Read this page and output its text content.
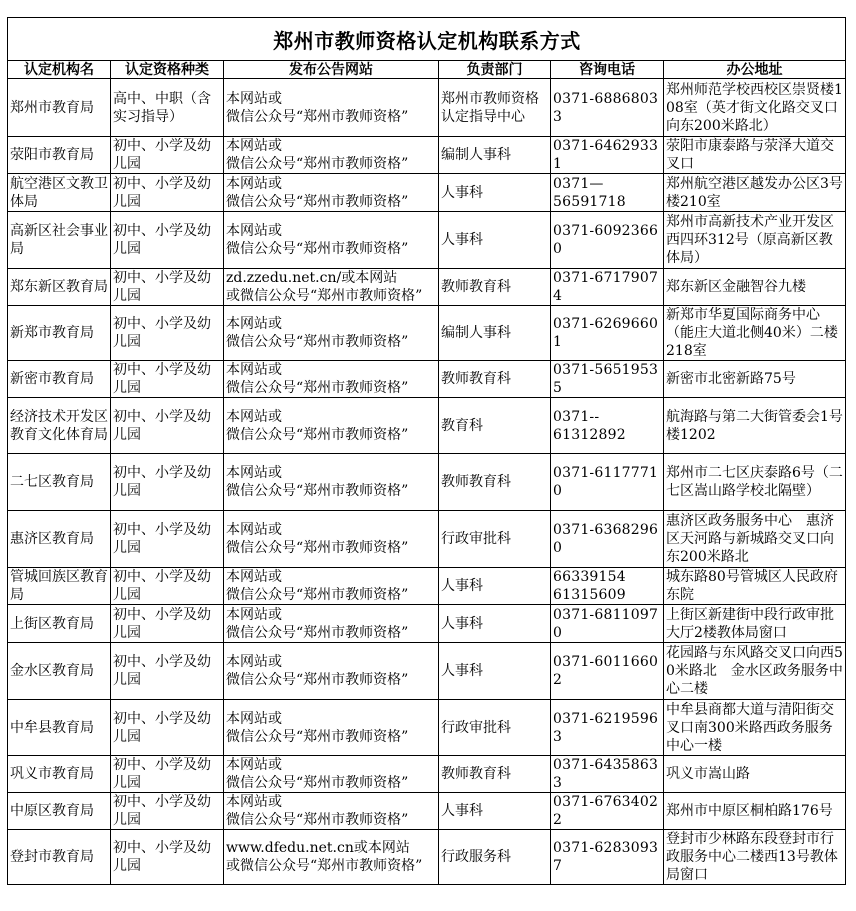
郑州市教师资格认定机构联系方式					
认定机构名	认定资格种类	发布公告网站	负责部门	咨询电话	办公地址

郑州市教育局	高中、中职（含实习指导）	本网站或
微信公众号“郑州市教师资格”	郑州市教师资格认定指导中心	0371-68868033	郑州师范学校西校区崇贤楼108室（英才街文化路交叉口向东200米路北）

荥阳市教育局	初中、小学及幼儿园	本网站或
微信公众号“郑州市教师资格”	编制人事科	0371-64629331	荥阳市康泰路与荥泽大道交叉口

航空港区文教卫体局	初中、小学及幼儿园	本网站或
微信公众号“郑州市教师资格”	人事科	0371—
56591718	郑州航空港区越发办公区3号楼210室

高新区社会事业局	初中、小学及幼儿园	本网站或
微信公众号“郑州市教师资格”	人事科	0371-60923660	郑州市高新技术产业开发区西四环312号（原高新区教体局）

郑东新区教育局	初中、小学及幼儿园	zd.zzedu.net.cn/或本网站
或微信公众号“郑州市教师资格”	教师教育科	0371-67179074	郑东新区金融智谷九楼

新郑市教育局	初中、小学及幼儿园	本网站或
微信公众号“郑州市教师资格”	编制人事科	0371-62696601	新郑市华夏国际商务中心（能庄大道北侧40米）二楼218室

新密市教育局	初中、小学及幼儿园	本网站或
微信公众号“郑州市教师资格”	教师教育科	0371-56519535	新密市北密新路75号

经济技术开发区教育文化体育局	初中、小学及幼儿园	本网站或
微信公众号“郑州市教师资格”	教育科	0371--
61312892	航海路与第二大街管委会1号楼1202

二七区教育局	初中、小学及幼儿园	本网站或
微信公众号“郑州市教师资格”	教师教育科	0371-61177710	郑州市二七区庆泰路6号（二七区嵩山路学校北隔壁）

惠济区教育局	初中、小学及幼儿园	本网站或
微信公众号“郑州市教师资格”	行政审批科	0371-63682960	惠济区政务服务中心　惠济区天河路与新城路交叉口向东200米路北

管城回族区教育局	初中、小学及幼儿园	本网站或
微信公众号“郑州市教师资格”	人事科	66339154
61315609	城东路80号管城区人民政府东院

上街区教育局	初中、小学及幼儿园	本网站或
微信公众号“郑州市教师资格”	人事科	0371-68110970	上街区新建街中段行政审批大厅2楼教体局窗口

金水区教育局	初中、小学及幼儿园	本网站或
微信公众号“郑州市教师资格”	人事科	0371-60116602	花园路与东风路交叉口向西50米路北　金水区政务服务中心二楼

中牟县教育局	初中、小学及幼儿园	本网站或
微信公众号“郑州市教师资格”	行政审批科	0371-62195963	中牟县商都大道与清阳街交叉口南300米路西政务服务中心一楼

巩义市教育局	初中、小学及幼儿园	本网站或
微信公众号“郑州市教师资格”	教师教育科	0371-64358633	巩义市嵩山路

中原区教育局	初中、小学及幼儿园	本网站或
微信公众号“郑州市教师资格”	人事科	0371-67634022	郑州市中原区桐柏路176号

登封市教育局	初中、小学及幼儿园	www.dfedu.net.cn或本网站
或微信公众号“郑州市教师资格”	行政服务科	0371-62830937	登封市少林路东段登封市行政服务中心二楼西13号教体局窗口
